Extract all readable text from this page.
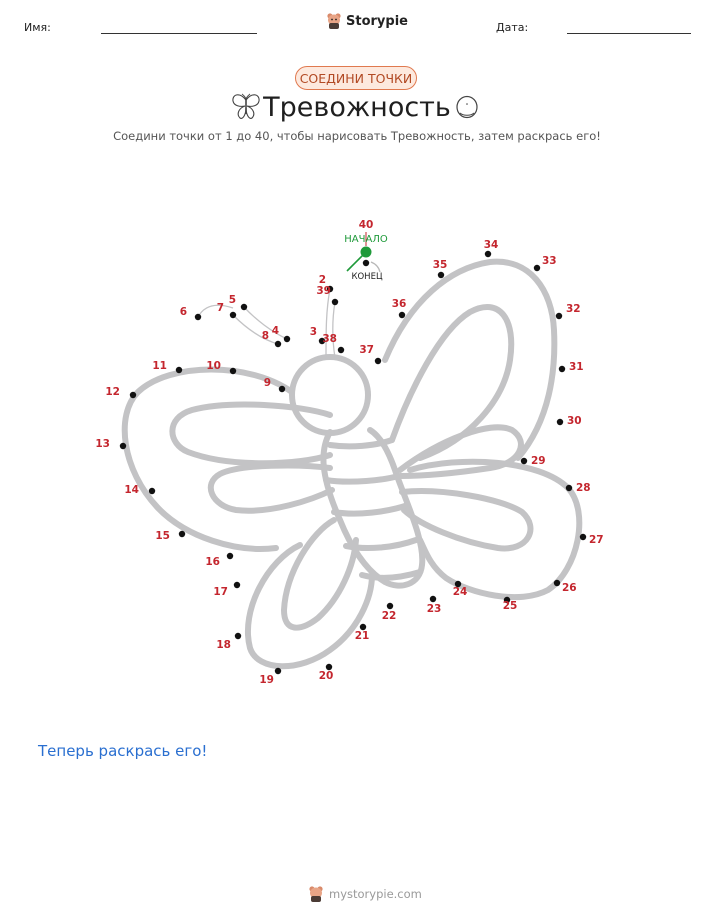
Имя:	Storypie	Дата:
СОЕДИНИ ТОЧКИ
Тревожность
Соедини точки от 1 до 40, чтобы нарисовать Тревожность, затем раскрась его!
2
3
4
5
6	7
8
9
10
11
12
13
14
15
16
17
18
19	20
21
22
23
24
25
26
27
28
29
30
31
32
33
34
35
36
37
38
39
40
НАЧАЛО
КОНЕЦ
Теперь раскрась его!
mystorypie.com
